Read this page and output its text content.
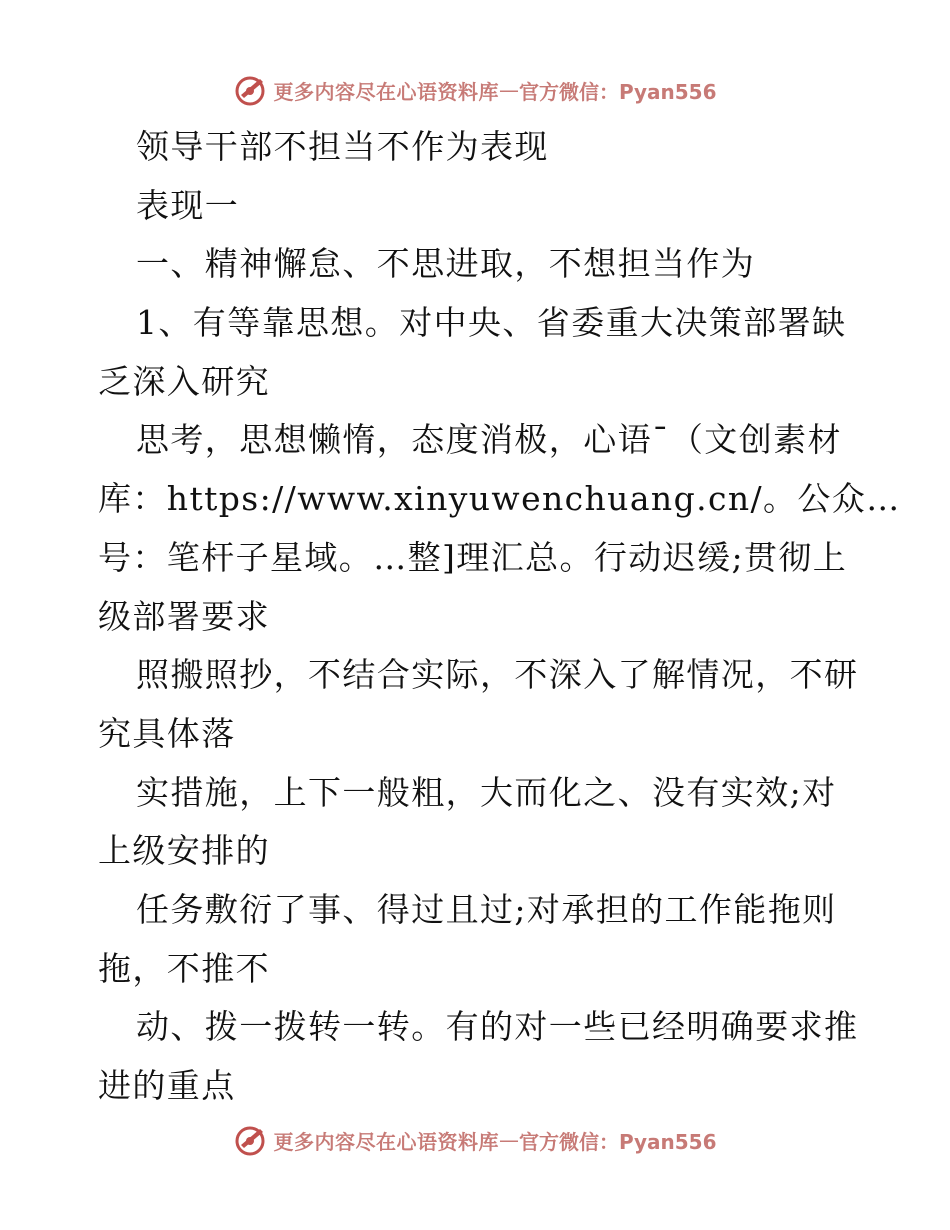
更多内容尽在心语资料库 — 官方微信：Pyan556
领导干部不担当不作为表现
表现一
一、精神懈怠、不思进取，不想担当作为
1、有等靠思想。对中央、省委重大决策部署缺
乏深入研究
思考，思想懒惰，态度消极，心语¯（文创素材
库：https://www.xinyuwenchuang.cn/。公众…
号：笔杆子星域。…整]理汇总。行动迟缓;贯彻上
级部署要求
照搬照抄，不结合实际，不深入了解情况，不研
究具体落
实措施，上下一般粗，大而化之、没有实效;对
上级安排的
任务敷衍了事、得过且过;对承担的工作能拖则
拖，不推不
动、拨一拨转一转。有的对一些已经明确要求推
进的重点
更多内容尽在心语资料库 — 官方微信：Pyan556
